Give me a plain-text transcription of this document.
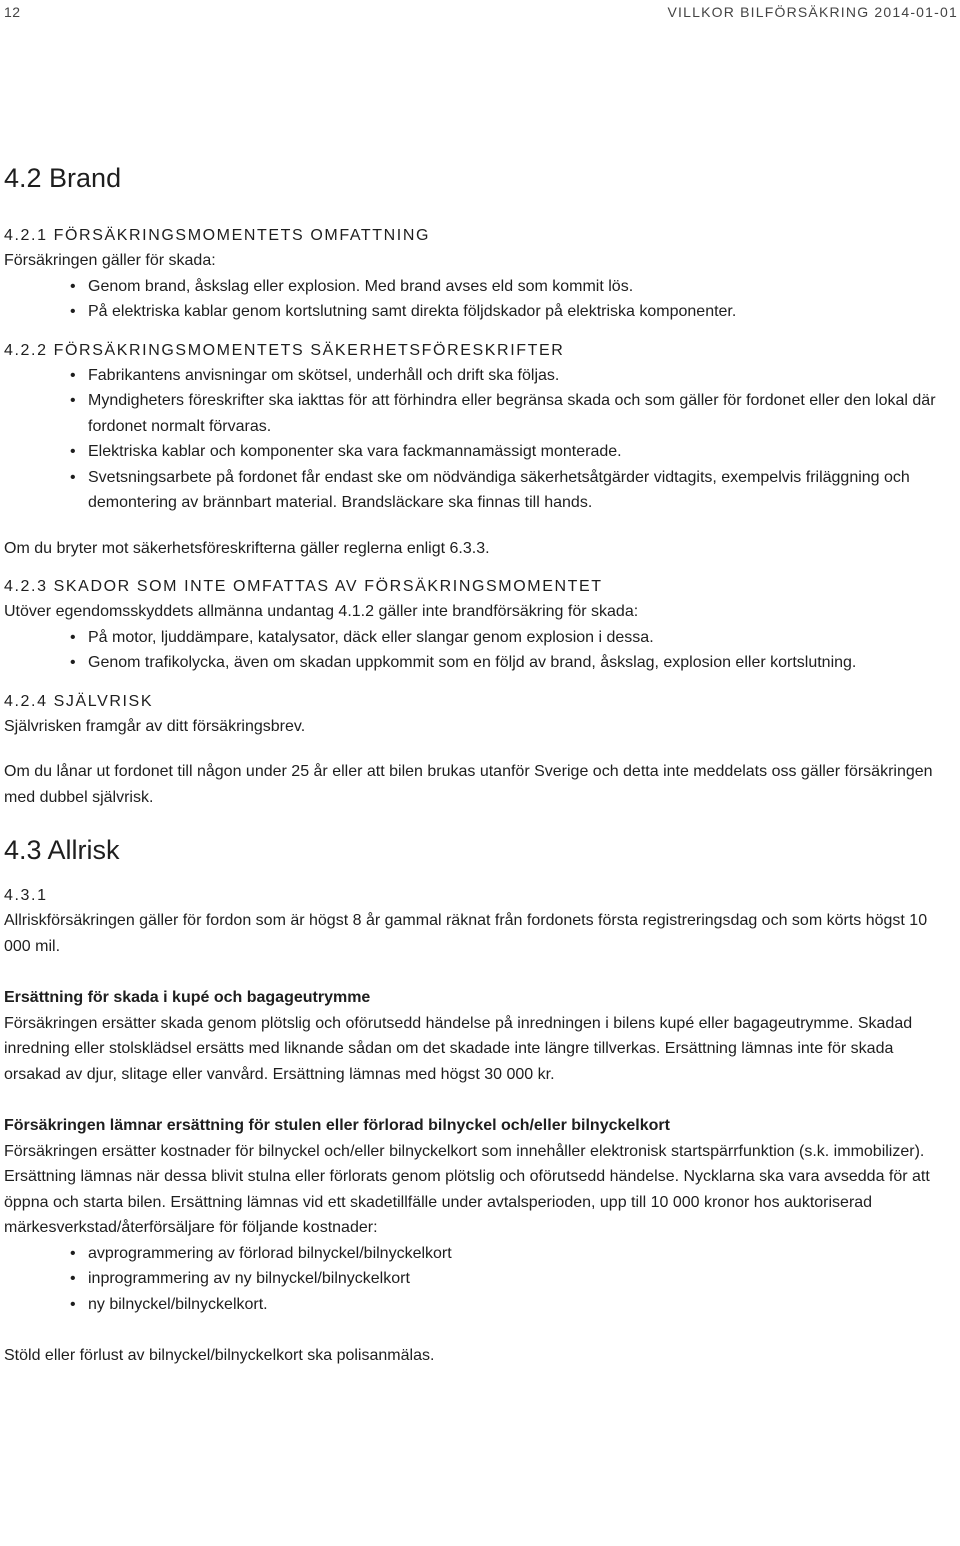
12	VILLKOR BILFÖRSÄKRING 2014-01-01
4.2 Brand
4.2.1 FÖRSÄKRINGSMOMENTETS OMFATTNING

Försäkringen gäller för skada:

• Genom brand, åskslag eller explosion. Med brand avses eld som kommit lös.
• På elektriska kablar genom kortslutning samt direkta följdskador på elektriska komponenter.
4.2.2 FÖRSÄKRINGSMOMENTETS SÄKERHETSFÖRESKRIFTER
• Fabrikantens anvisningar om skötsel, underhåll och drift ska följas.
• Myndigheters föreskrifter ska iakttas för att förhindra eller begränsa skada och som gäller för fordonet eller den lokal där fordonet normalt förvaras.
• Elektriska kablar och komponenter ska vara fackmannamässigt monterade.
• Svetsningsarbete på fordonet får endast ske om nödvändiga säkerhetsåtgärder vidtagits, exempelvis friläggning och demontering av brännbart material. Brandsläckare ska finnas till hands.

Om du bryter mot säkerhetsföreskrifterna gäller reglerna enligt 6.3.3.

4.2.3 SKADOR SOM INTE OMFATTAS AV FÖRSÄKRINGSMOMENTET

Utöver egendomsskyddets allmänna undantag 4.1.2 gäller inte brandförsäkring för skada:

• På motor, ljuddämpare, katalysator, däck eller slangar genom explosion i dessa.
• Genom trafikolycka, även om skadan uppkommit som en följd av brand, åskslag, explosion eller kortslutning.
4.2.4 SJÄLVRISK

Självrisken framgår av ditt försäkringsbrev.

Om du lånar ut fordonet till någon under 25 år eller att bilen brukas utanför Sverige och detta inte meddelats oss gäller försäkringen med dubbel självrisk.

4.3 Allrisk
4.3.1

Allriskförsäkringen gäller för fordon som är högst 8 år gammal räknat från fordonets första registreringsdag och som körts högst 10 000 mil.

Ersättning för skada i kupé och bagageutrymme

Försäkringen ersätter skada genom plötslig och oförutsedd händelse på inredningen i bilens kupé eller bagageutrymme. Skadad inredning eller stolsklädsel ersätts med liknande sådan om det skadade inte längre tillverkas. Ersättning lämnas inte för skada orsakad av djur, slitage eller vanvård. Ersättning lämnas med högst 30 000 kr.

Försäkringen lämnar ersättning för stulen eller förlorad bilnyckel och/eller bilnyckelkort

Försäkringen ersätter kostnader för bilnyckel och/eller bilnyckelkort som innehåller elektronisk startspärrfunktion (s.k. immobilizer). Ersättning lämnas när dessa blivit stulna eller förlorats genom plötslig och oförutsedd händelse. Nycklarna ska vara avsedda för att öppna och starta bilen. Ersättning lämnas vid ett skadetillfälle under avtalsperioden, upp till 10 000 kronor hos auktoriserad märkesverkstad/återförsäljare för följande kostnader:

• avprogrammering av förlorad bilnyckel/bilnyckelkort
• inprogrammering av ny bilnyckel/bilnyckelkort
• ny bilnyckel/bilnyckelkort.

Stöld eller förlust av bilnyckel/bilnyckelkort ska polisanmälas.
